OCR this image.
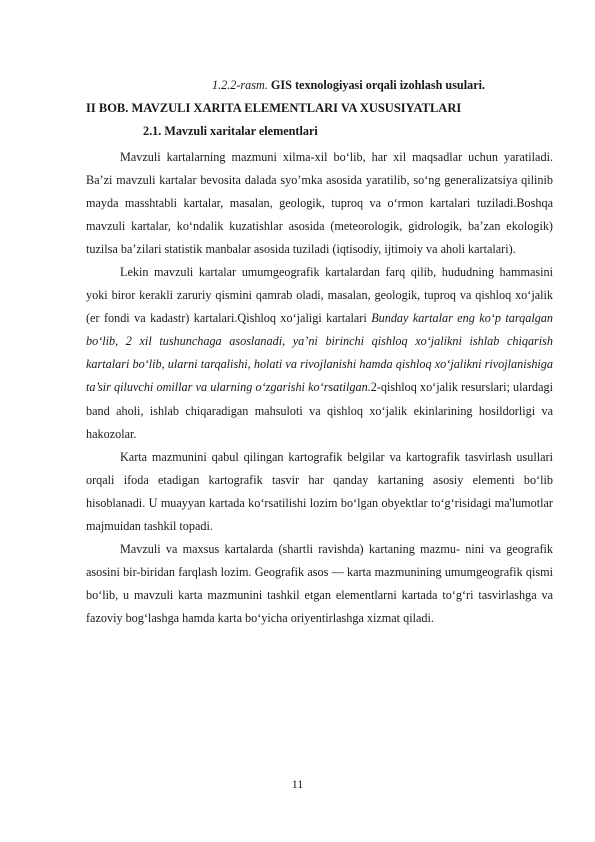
1.2.2-rasm. GIS texnologiyasi orqali izohlash usulari.
II BOB. MAVZULI XARITA ELEMENTLARI VA XUSUSIYATLARI
2.1. Mavzuli xaritalar elementlari

Mavzuli kartalarning mazmuni xilma-xil bo‘lib, har xil maqsadlar uchun yaratiladi. Ba’zi mavzuli kartalar bevosita dalada syo’mka asosida yaratilib, so‘ng generalizatsiya qilinib mayda masshtabli kartalar, masalan, geologik, tuproq va o‘rmon kartalari tuziladi.Boshqa mavzuli kartalar, ko‘ndalik kuzatishlar asosida (meteorologik, gidrologik, ba’zan ekologik) tuzilsa ba’zilari statistik manbalar asosida tuziladi (iqtisodiy, ijtimoiy va aholi kartalari).

Lekin mavzuli kartalar umumgeografik kartalardan farq qilib, hududning hammasini yoki biror kerakli zaruriy qismini qamrab oladi, masalan, geologik, tuproq va qishloq xo‘jalik (er fondi va kadastr) kartalari.Qishloq xo‘jaligi kartalari Bunday kartalar eng ko‘p tarqalgan bo‘lib, 2 xil tushunchaga asoslanadi, ya’ni birinchi qishloq xo‘jalikni ishlab chiqarish kartalari bo‘lib, ularni tarqalishi, holati va rivojlanishi hamda qishloq xo‘jalikni rivojlanishiga ta’sir qiluvchi omillar va ularning o‘zgarishi ko‘rsatilgan.2-qishloq xo‘jalik resurslari; ulardagi band aholi, ishlab chiqaradigan mahsuloti va qishloq xo‘jalik ekinlarining hosildorligi va hakozolar.

Karta mazmunini qabul qilingan kartografik belgilar va kartografik tasvirlash usullari orqali ifoda etadigan kartografik tasvir har qanday kartaning asosiy elementi bo‘lib hisoblanadi. U muayyan kartada ko‘rsatilishi lozim bo‘lgan obyektlar to‘g‘risidagi ma'lumotlar majmuidan tashkil topadi.

Mavzuli va maxsus kartalarda (shartli ravishda) kartaning mazmu- nini va geografik asosini bir-biridan farqlash lozim. Geografik asos — karta mazmunining umumgeografik qismi bo‘lib, u mavzuli karta mazmunini tashkil etgan elementlarni kartada to‘g‘ri tasvirlashga va fazoviy bog‘lashga hamda karta bo‘yicha oriyentirlashga xizmat qiladi.

11
